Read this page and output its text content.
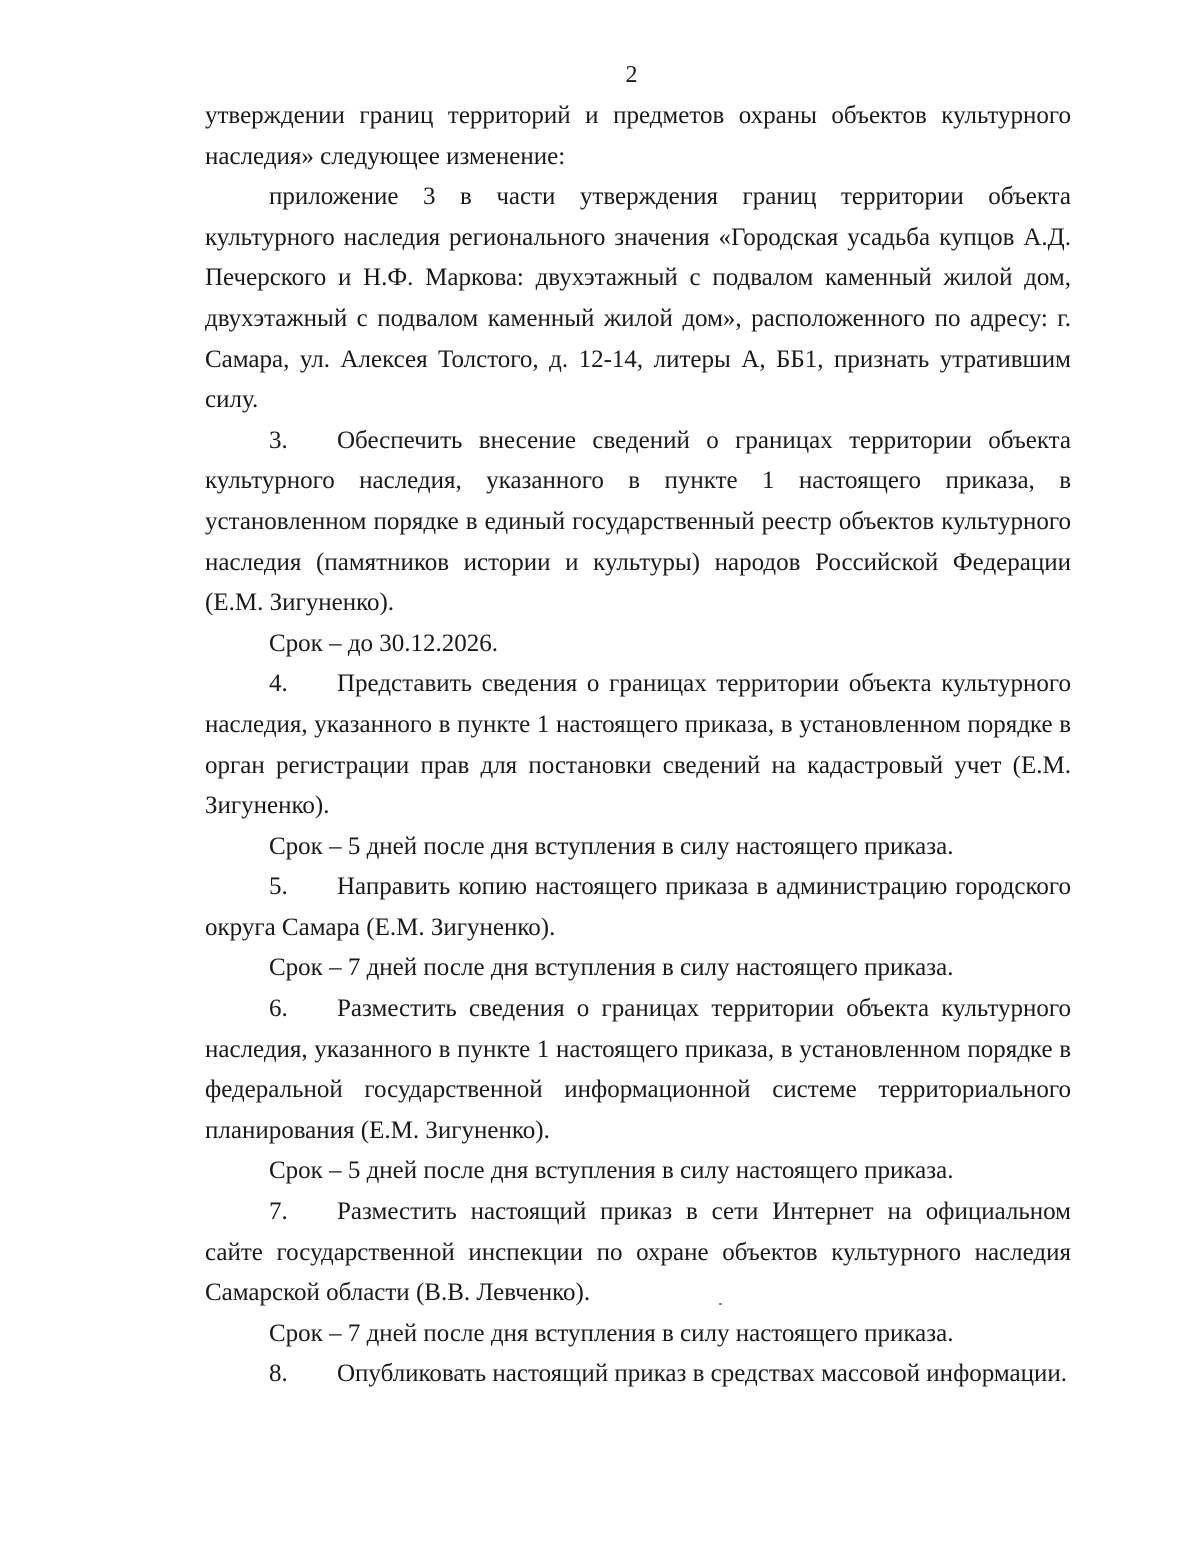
2

утверждении границ территорий и предметов охраны объектов культурного наследия» следующее изменение:

приложение 3 в части утверждения границ территории объекта культурного наследия регионального значения «Городская усадьба купцов А.Д. Печерского и Н.Ф. Маркова: двухэтажный с подвалом каменный жилой дом, двухэтажный с подвалом каменный жилой дом», расположенного по адресу: г. Самара, ул. Алексея Толстого, д. 12-14, литеры А, ББ1, признать утратившим силу.

3. Обеспечить внесение сведений о границах территории объекта культурного наследия, указанного в пункте 1 настоящего приказа, в установленном порядке в единый государственный реестр объектов культурного наследия (памятников истории и культуры) народов Российской Федерации (Е.М. Зигуненко).

Срок – до 30.12.2026.

4. Представить сведения о границах территории объекта культурного наследия, указанного в пункте 1 настоящего приказа, в установленном порядке в орган регистрации прав для постановки сведений на кадастровый учет (Е.М. Зигуненко).

Срок – 5 дней после дня вступления в силу настоящего приказа.

5. Направить копию настоящего приказа в администрацию городского округа Самара (Е.М. Зигуненко).

Срок – 7 дней после дня вступления в силу настоящего приказа.

6. Разместить сведения о границах территории объекта культурного наследия, указанного в пункте 1 настоящего приказа, в установленном порядке в федеральной государственной информационной системе территориального планирования (Е.М. Зигуненко).

Срок – 5 дней после дня вступления в силу настоящего приказа.

7. Разместить настоящий приказ в сети Интернет на официальном сайте государственной инспекции по охране объектов культурного наследия Самарской области (В.В. Левченко).

Срок – 7 дней после дня вступления в силу настоящего приказа.

8. Опубликовать настоящий приказ в средствах массовой информации.
